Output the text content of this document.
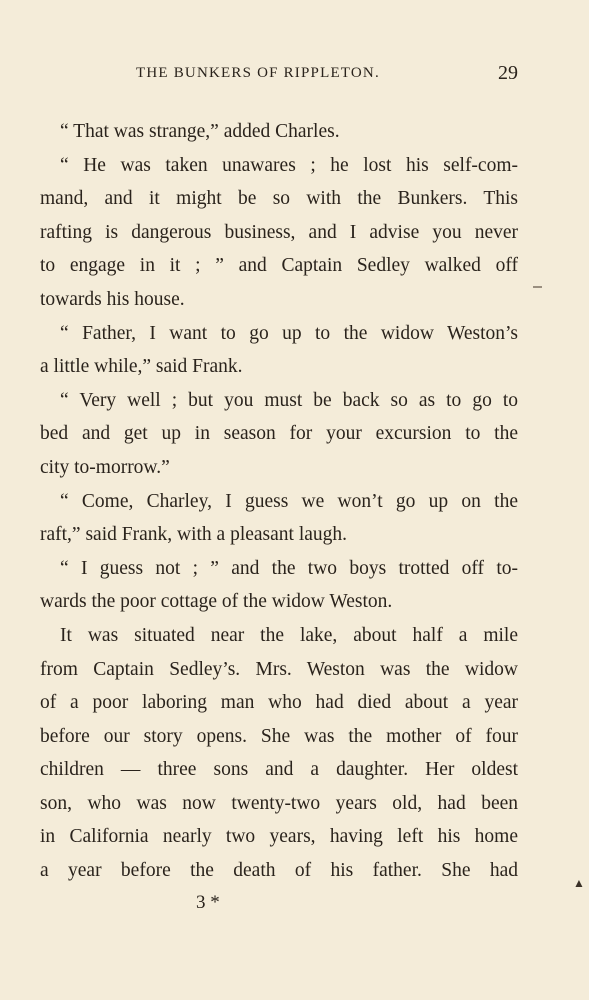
THE BUNKERS OF RIPPLETON.	29
“ That was strange,” added Charles.
“ He was taken unawares ; he lost his self-com-
mand, and it might be so with the Bunkers. This
rafting is dangerous business, and I advise you never
to engage in it ; ” and Captain Sedley walked off
towards his house.
“ Father, I want to go up to the widow Weston’s
a little while,” said Frank.
“ Very well ; but you must be back so as to go to
bed and get up in season for your excursion to the
city to-morrow.”
“ Come, Charley, I guess we won’t go up on the
raft,” said Frank, with a pleasant laugh.
“ I guess not ; ” and the two boys trotted off to-
wards the poor cottage of the widow Weston.
It was situated near the lake, about half a mile
from Captain Sedley’s. Mrs. Weston was the widow
of a poor laboring man who had died about a year
before our story opens. She was the mother of four
children — three sons and a daughter. Her oldest
son, who was now twenty-two years old, had been
in California nearly two years, having left his home
a year before the death of his father. She had
3 *
▲
